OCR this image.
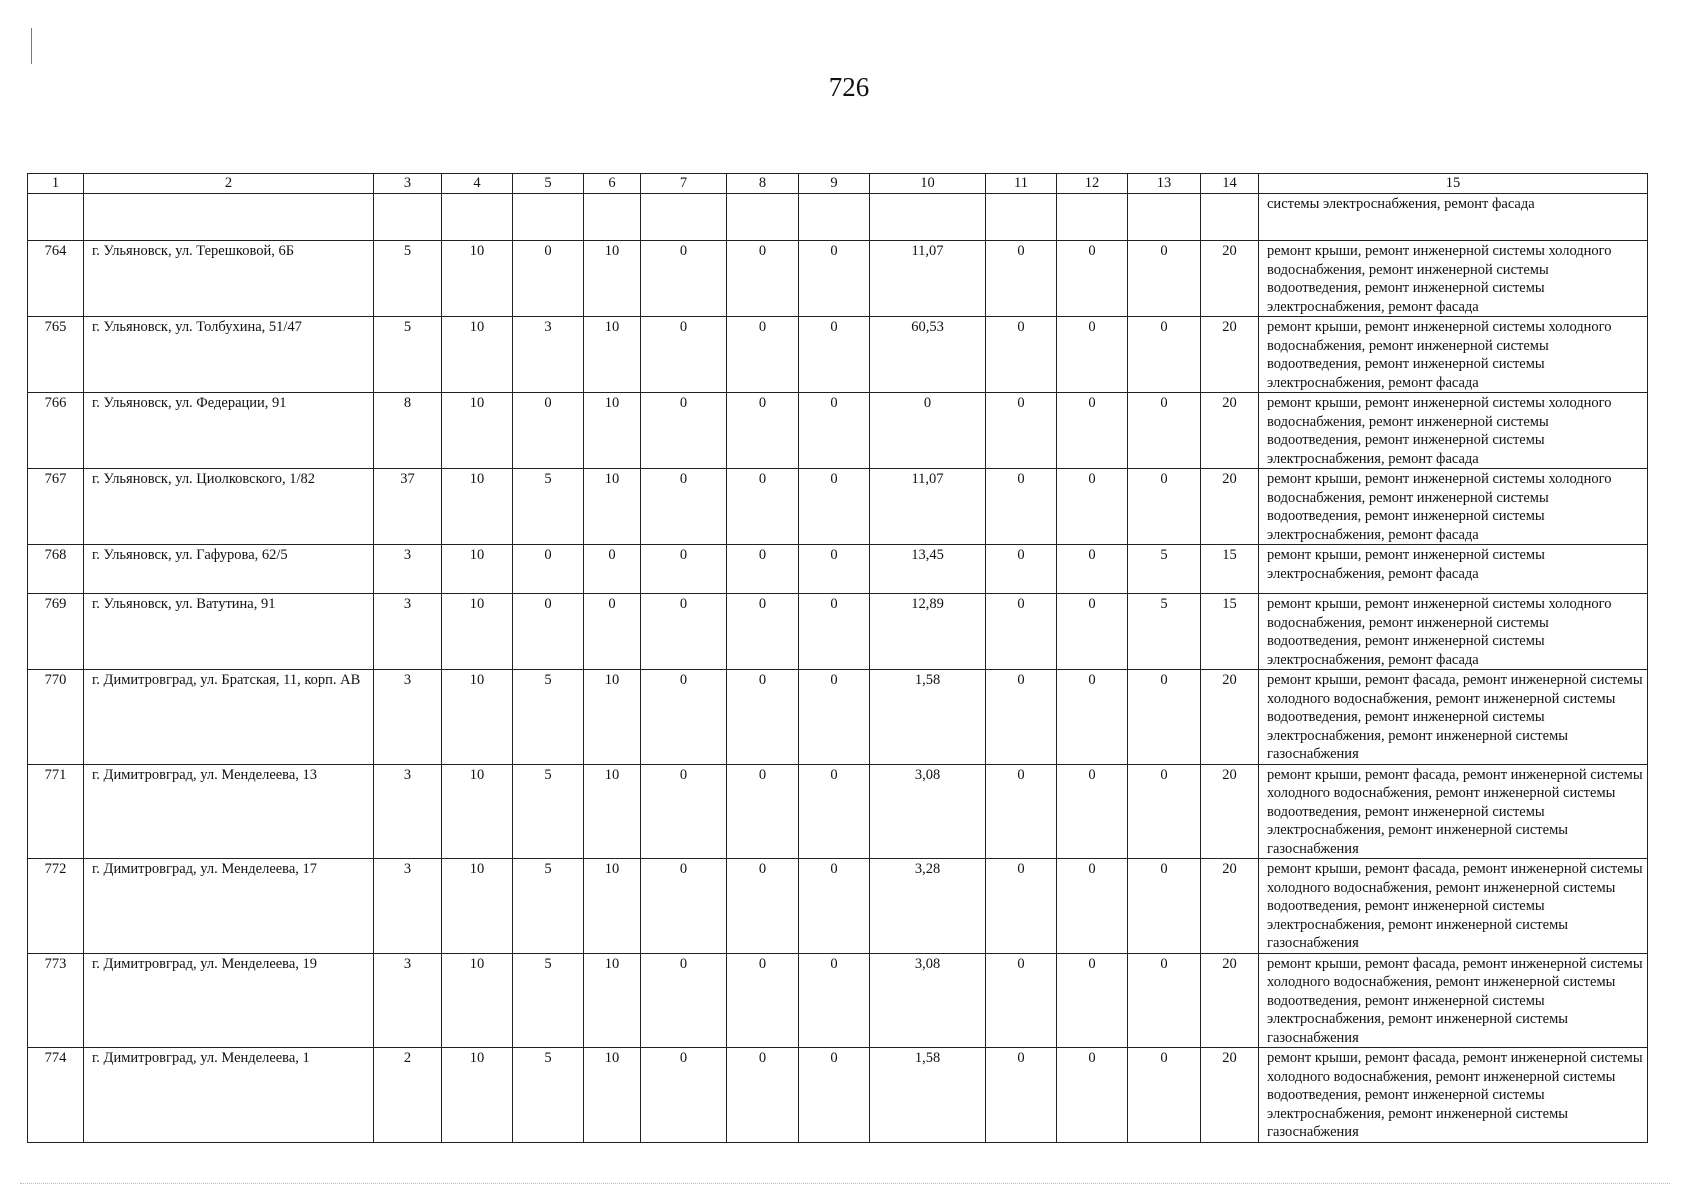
726
1	2	3	4	5	6	7	8	9	10	11	12	13	14	15
														системы электроснабжения, ремонт фасада
764	г. Ульяновск, ул. Терешковой, 6Б	5	10	0	10	0	0	0	11,07	0	0	0	20	ремонт крыши, ремонт инженерной системы холодного водоснабжения, ремонт инженерной системы водоотведения, ремонт инженерной системы электроснабжения, ремонт фасада
765	г. Ульяновск, ул. Толбухина, 51/47	5	10	3	10	0	0	0	60,53	0	0	0	20	ремонт крыши, ремонт инженерной системы холодного водоснабжения, ремонт инженерной системы водоотведения, ремонт инженерной системы электроснабжения, ремонт фасада
766	г. Ульяновск, ул. Федерации, 91	8	10	0	10	0	0	0	0	0	0	0	20	ремонт крыши, ремонт инженерной системы холодного водоснабжения, ремонт инженерной системы водоотведения, ремонт инженерной системы электроснабжения, ремонт фасада
767	г. Ульяновск, ул. Циолковского, 1/82	37	10	5	10	0	0	0	11,07	0	0	0	20	ремонт крыши, ремонт инженерной системы холодного водоснабжения, ремонт инженерной системы водоотведения, ремонт инженерной системы электроснабжения, ремонт фасада
768	г. Ульяновск, ул. Гафурова, 62/5	3	10	0	0	0	0	0	13,45	0	0	5	15	ремонт крыши, ремонт инженерной системы электроснабжения, ремонт фасада
769	г. Ульяновск, ул. Ватутина, 91	3	10	0	0	0	0	0	12,89	0	0	5	15	ремонт крыши, ремонт инженерной системы холодного водоснабжения, ремонт инженерной системы водоотведения, ремонт инженерной системы электроснабжения, ремонт фасада
770	г. Димитровград, ул. Братская, 11, корп. АВ	3	10	5	10	0	0	0	1,58	0	0	0	20	ремонт крыши, ремонт фасада, ремонт инженерной системы холодного водоснабжения, ремонт инженерной системы водоотведения, ремонт инженерной системы электроснабжения, ремонт инженерной системы газоснабжения
771	г. Димитровград, ул. Менделеева, 13	3	10	5	10	0	0	0	3,08	0	0	0	20	ремонт крыши, ремонт фасада, ремонт инженерной системы холодного водоснабжения, ремонт инженерной системы водоотведения, ремонт инженерной системы электроснабжения, ремонт инженерной системы газоснабжения
772	г. Димитровград, ул. Менделеева, 17	3	10	5	10	0	0	0	3,28	0	0	0	20	ремонт крыши, ремонт фасада, ремонт инженерной системы холодного водоснабжения, ремонт инженерной системы водоотведения, ремонт инженерной системы электроснабжения, ремонт инженерной системы газоснабжения
773	г. Димитровград, ул. Менделеева, 19	3	10	5	10	0	0	0	3,08	0	0	0	20	ремонт крыши, ремонт фасада, ремонт инженерной системы холодного водоснабжения, ремонт инженерной системы водоотведения, ремонт инженерной системы электроснабжения, ремонт инженерной системы газоснабжения
774	г. Димитровград, ул. Менделеева, 1	2	10	5	10	0	0	0	1,58	0	0	0	20	ремонт крыши, ремонт фасада, ремонт инженерной системы холодного водоснабжения, ремонт инженерной системы водоотведения, ремонт инженерной системы электроснабжения, ремонт инженерной системы газоснабжения
